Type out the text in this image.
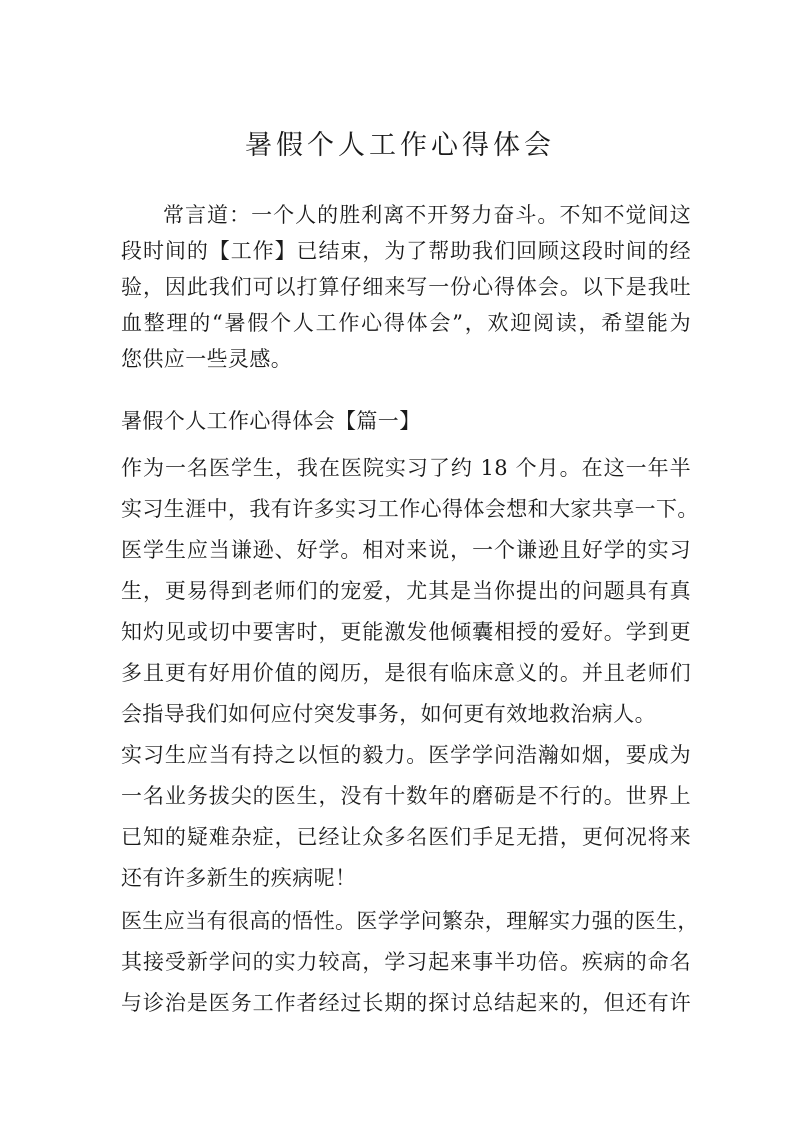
暑假个人工作心得体会
常言道：一个人的胜利离不开努力奋斗。不知不觉间这
段时间的【工作】已结束，为了帮助我们回顾这段时间的经
验，因此我们可以打算仔细来写一份心得体会。以下是我吐
血整理的“暑假个人工作心得体会”，欢迎阅读，希望能为
您供应一些灵感。
暑假个人工作心得体会【篇一】
作为一名医学生，我在医院实习了约 18 个月。在这一年半
实习生涯中，我有许多实习工作心得体会想和大家共享一下。
医学生应当谦逊、好学。相对来说，一个谦逊且好学的实习
生，更易得到老师们的宠爱，尤其是当你提出的问题具有真
知灼见或切中要害时，更能激发他倾囊相授的爱好。学到更
多且更有好用价值的阅历，是很有临床意义的。并且老师们
会指导我们如何应付突发事务，如何更有效地救治病人。
实习生应当有持之以恒的毅力。医学学问浩瀚如烟，要成为
一名业务拔尖的医生，没有十数年的磨砺是不行的。世界上
已知的疑难杂症，已经让众多名医们手足无措，更何况将来
还有许多新生的疾病呢！
医生应当有很高的悟性。医学学问繁杂，理解实力强的医生，
其接受新学问的实力较高，学习起来事半功倍。疾病的命名
与诊治是医务工作者经过长期的探讨总结起来的，但还有许
